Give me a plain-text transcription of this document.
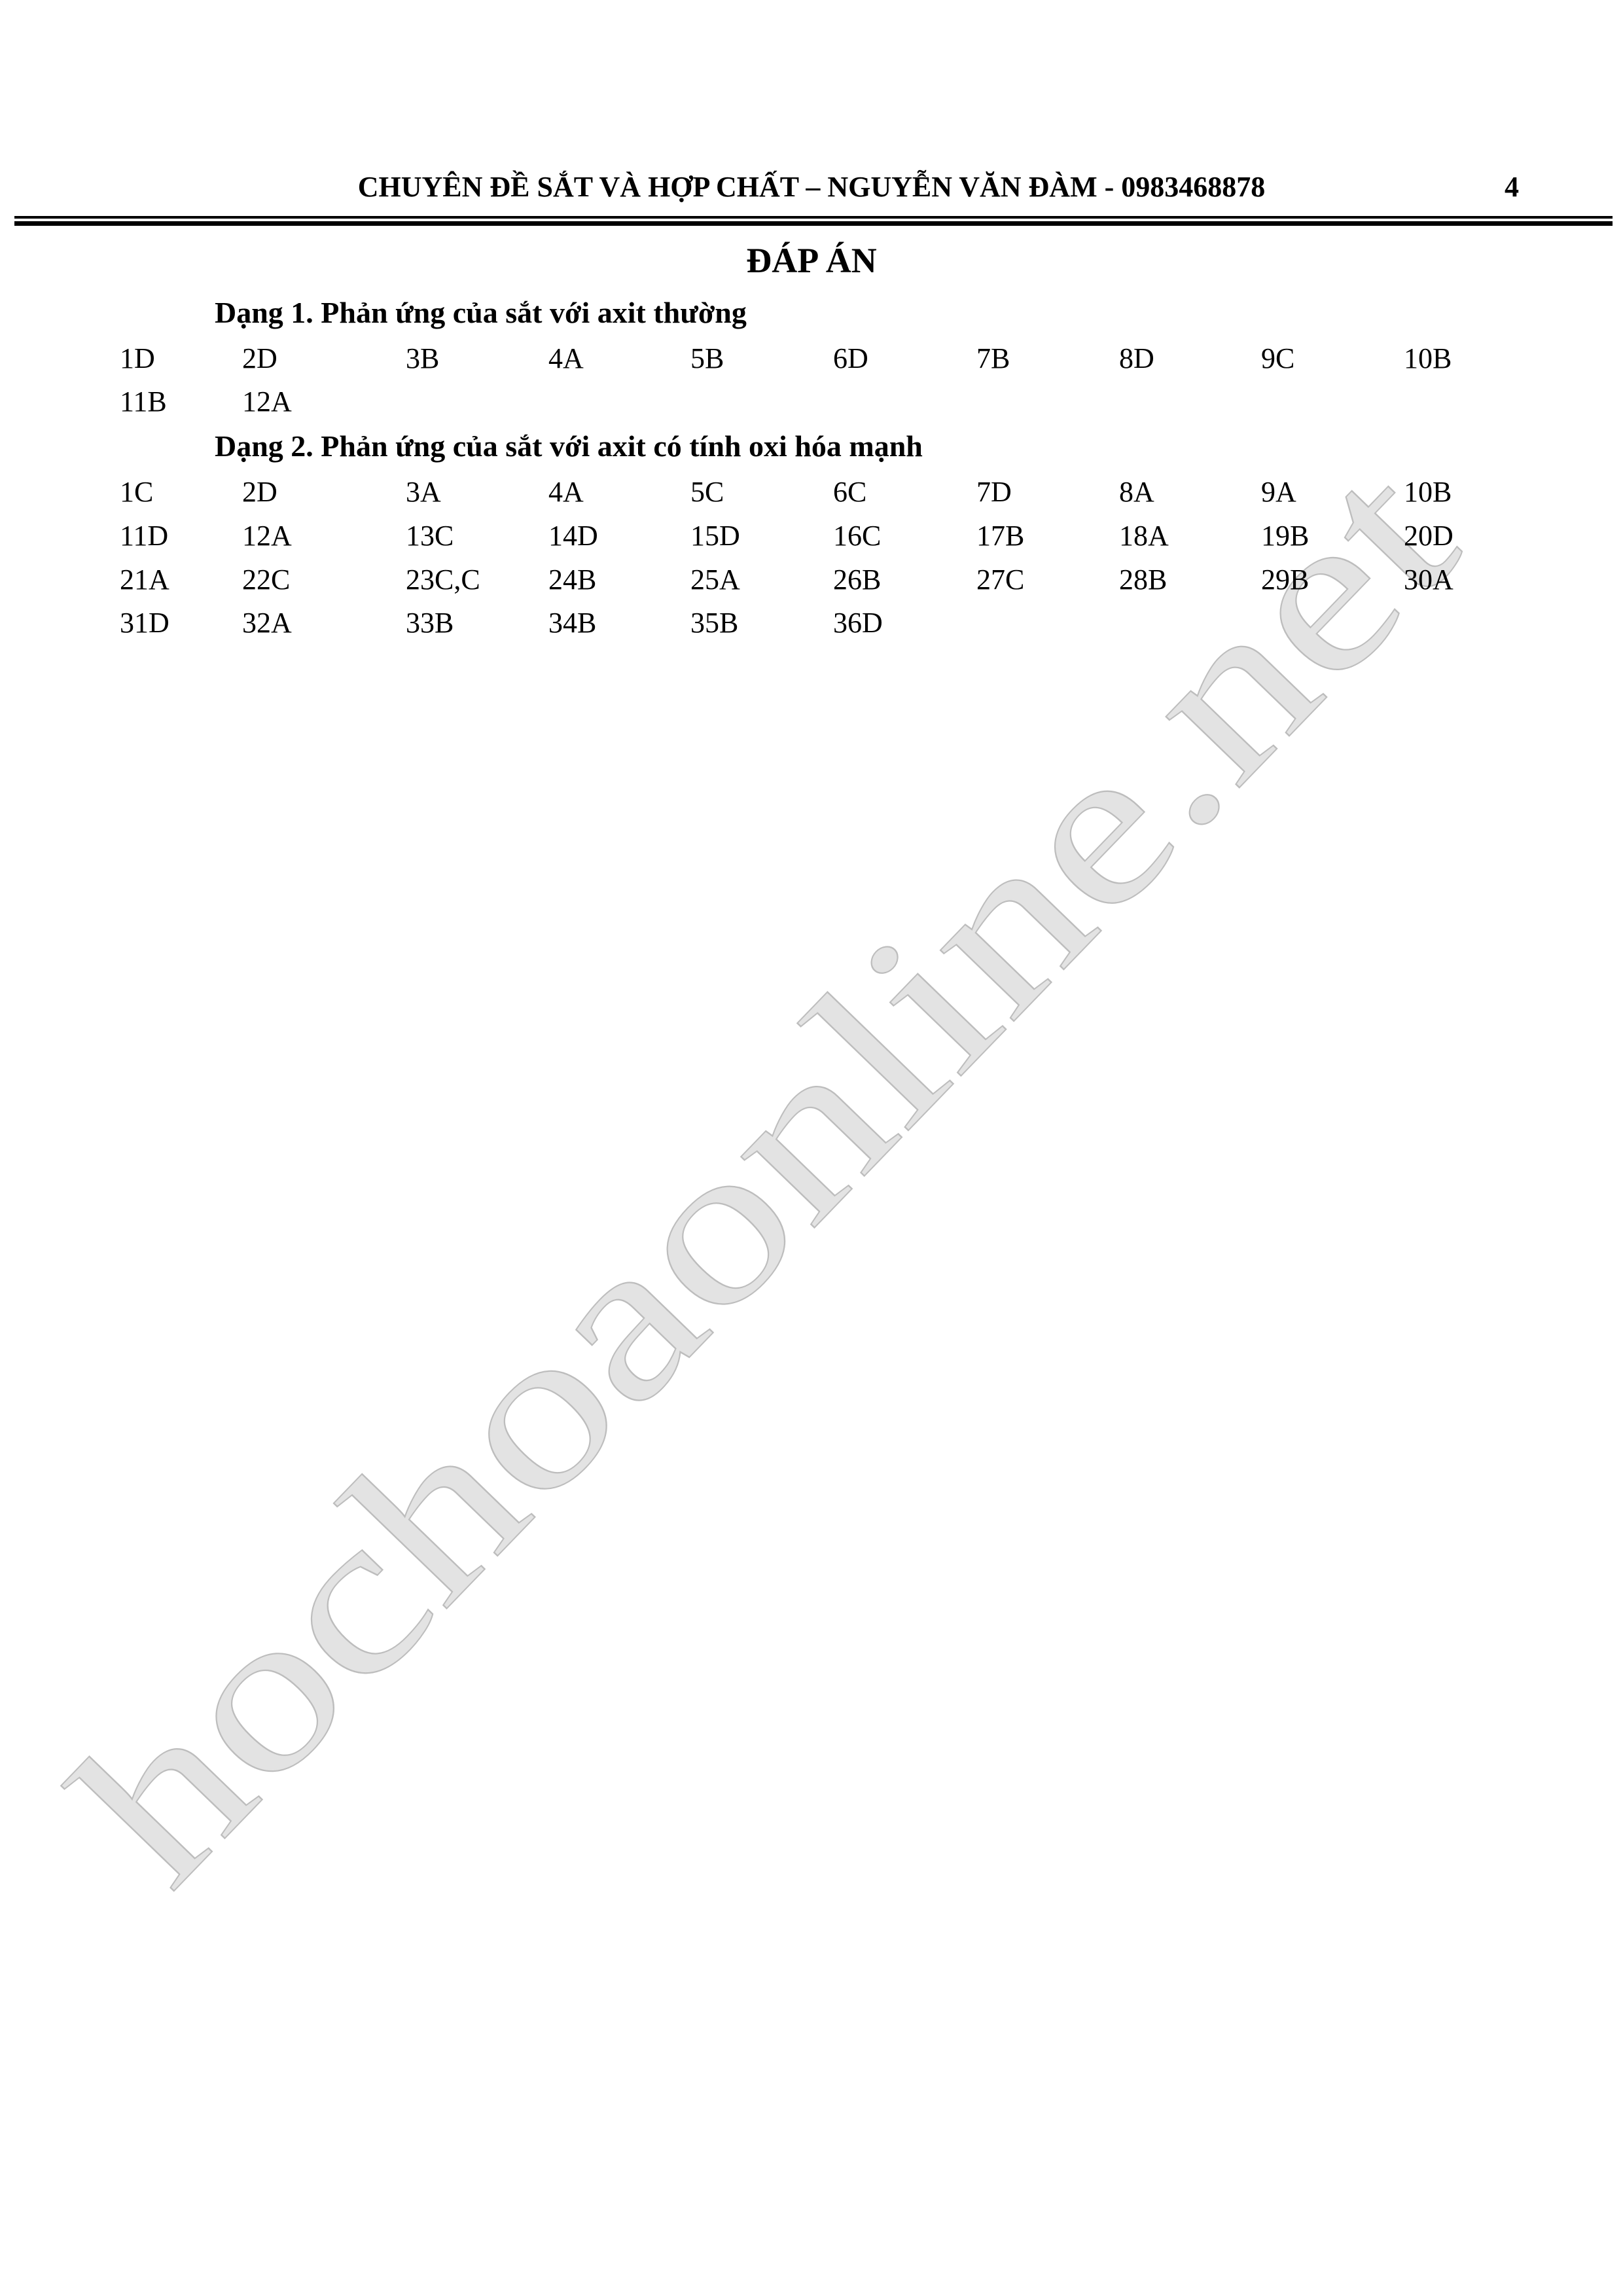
hochoaonline.net
CHUYÊN ĐỀ SẮT VÀ HỢP CHẤT – NGUYỄN VĂN ĐÀM - 0983468878	4
ĐÁP ÁN
Dạng 1. Phản ứng của sắt với axit thường
1D	2D	3B	4A	5B	6D	7B	8D	9C	10B
11B	12A
Dạng 2. Phản ứng của sắt với axit có tính oxi hóa mạnh
1C	2D	3A	4A	5C	6C	7D	8A	9A	10B
11D	12A	13C	14D	15D	16C	17B	18A	19B	20D
21A	22C	23C,C 24B	25A	26B	27C	28B	29B	30A
31D	32A	33B	34B	35B	36D
